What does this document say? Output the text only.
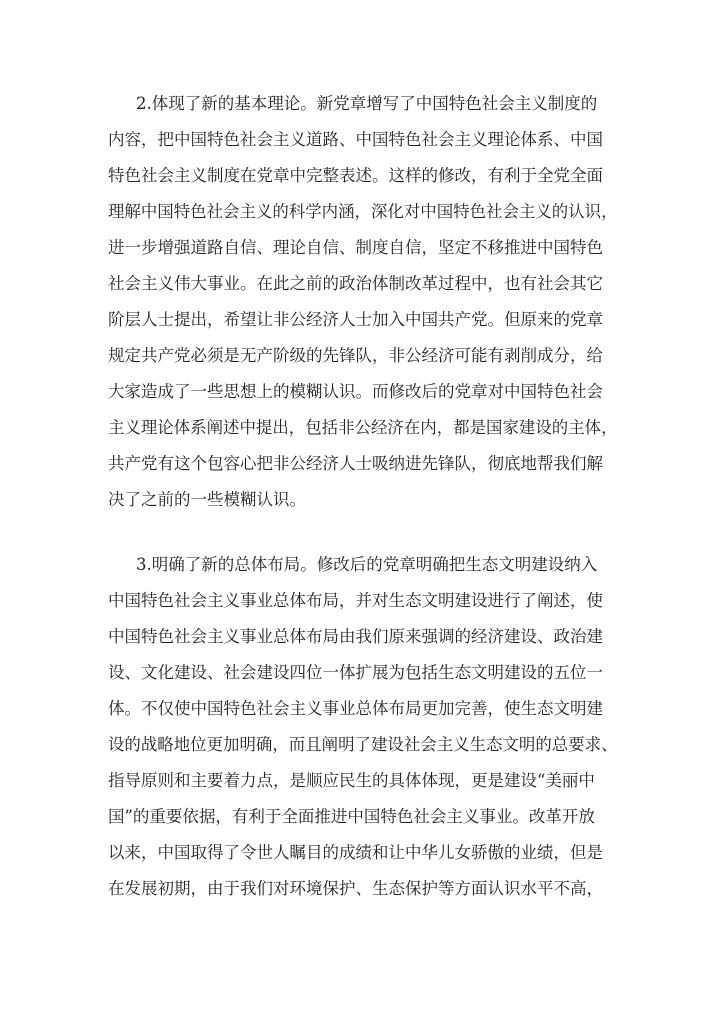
2.体现了新的基本理论。新党章增写了中国特色社会主义制度的
内容，把中国特色社会主义道路、中国特色社会主义理论体系、中国
特色社会主义制度在党章中完整表述。这样的修改，有利于全党全面
理解中国特色社会主义的科学内涵，深化对中国特色社会主义的认识，
进一步增强道路自信、理论自信、制度自信，坚定不移推进中国特色
社会主义伟大事业。在此之前的政治体制改革过程中，也有社会其它
阶层人士提出，希望让非公经济人士加入中国共产党。但原来的党章
规定共产党必须是无产阶级的先锋队，非公经济可能有剥削成分，给
大家造成了一些思想上的模糊认识。而修改后的党章对中国特色社会
主义理论体系阐述中提出，包括非公经济在内，都是国家建设的主体，
共产党有这个包容心把非公经济人士吸纳进先锋队，彻底地帮我们解
决了之前的一些模糊认识。
3.明确了新的总体布局。修改后的党章明确把生态文明建设纳入
中国特色社会主义事业总体布局，并对生态文明建设进行了阐述，使
中国特色社会主义事业总体布局由我们原来强调的经济建设、政治建
设、文化建设、社会建设四位一体扩展为包括生态文明建设的五位一
体。不仅使中国特色社会主义事业总体布局更加完善，使生态文明建
设的战略地位更加明确，而且阐明了建设社会主义生态文明的总要求、
指导原则和主要着力点，是顺应民生的具体体现，更是建设“美丽中
国”的重要依据，有利于全面推进中国特色社会主义事业。改革开放
以来，中国取得了令世人瞩目的成绩和让中华儿女骄傲的业绩，但是
在发展初期，由于我们对环境保护、生态保护等方面认识水平不高，
